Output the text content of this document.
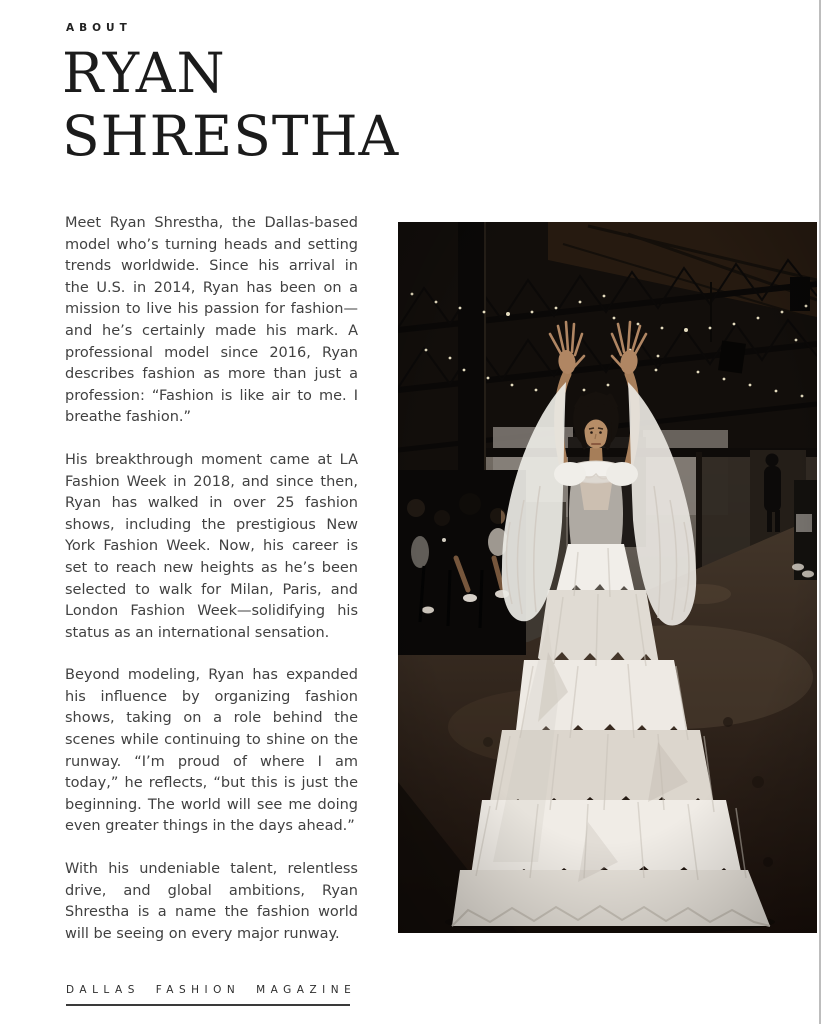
ABOUT
RYAN
SHRESTHA

Meet Ryan Shrestha, the Dallas-based model who’s turning heads and setting trends worldwide. Since his arrival in the U.S. in 2014, Ryan has been on a mission to live his passion for fashion—and he’s certainly made his mark. A professional model since 2016, Ryan describes fashion as more than just a profession: “Fashion is like air to me. I breathe fashion.”

His breakthrough moment came at LA Fashion Week in 2018, and since then, Ryan has walked in over 25 fashion shows, including the prestigious New York Fashion Week. Now, his career is set to reach new heights as he’s been selected to walk for Milan, Paris, and London Fashion Week—solidifying his status as an international sensation.

Beyond modeling, Ryan has expanded his influence by organizing fashion shows, taking on a role behind the scenes while continuing to shine on the runway. “I’m proud of where I am today,” he reflects, “but this is just the beginning. The world will see me doing even greater things in the days ahead.”

With his undeniable talent, relentless drive, and global ambitions, Ryan Shrestha is a name the fashion world will be seeing on every major runway.

DALLAS FASHION MAGAZINE
